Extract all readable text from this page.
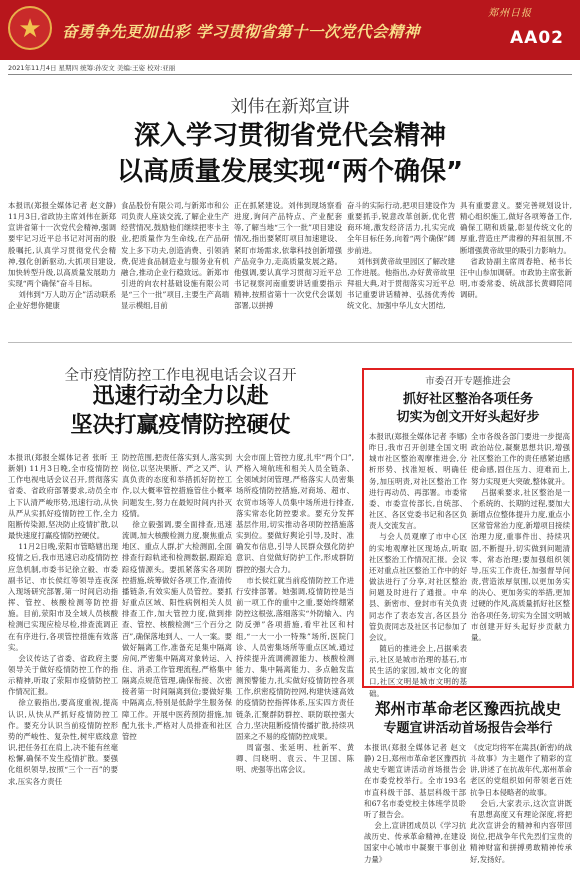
★	奋勇争先更加出彩 学习贯彻省第十一次党代会精神
郑州日报
AA02
2021年11月4日 星期四 统筹:孙安文 美编:王姿 校对:亚丽
刘伟在新郑宣讲
深入学习贯彻省党代会精神
以高质量发展实现“两个确保”

本报讯(郑报全媒体记者 赵文静) 11月3日,省政协主席刘伟在新郑宣讲省第十一次党代会精神,强调要牢记习近平总书记对河南的殷殷嘱托,认真学习贯彻党代会精神,强化创新驱动,大抓项目建设,加快转型升级,以高质量发展助力实现“两个确保”奋斗目标。

刘伟到“万人助万企”活动联系企业好想你健康

食品股份有限公司,与新郑市和公司负责人座谈交流,了解企业生产经营情况,鼓励他们继续把枣卡主业,把质量作为生命线,在产品研发上多下功夫,创造消费、引领消费,促进食品制造业与服务业有机融合,推动企业行稳致远。新郑市引进的向农村基础设施有限公司是“三个一批”项目,主要生产高端显示模组,目前

正在抓紧建设。刘伟到现场察看进度,询问产品特点、产业配套等,了解当地“三个一批”项目建设情况,指出要紧盯项目加速建设、紧盯市场需求,依靠科技创新增强产品竞争力,走高质量发展之路。他强调,要认真学习贯彻习近平总书记视察河南重要讲话重要指示精神,按照省第十一次党代会谋划部署,以拼搏

奋斗的实际行动,把项目建设作为重要抓手,锐意改革创新,优化营商环境,激发经济活力,扎实完成全年目标任务,向着“两个确保”阔步前进。

刘伟到黄帝故里园区了解改建工作进展。他指出,办好黄帝故里拜祖大典,对于贯彻落实习近平总书记重要讲话精神、弘扬优秀传统文化、加强中华儿女大团结,

具有重要意义。要完善规划设计,精心组织施工,做好各项筹备工作,确保工期和质量,彰显传统文化的厚重,营造庄严肃穆的拜祖氛围,不断增强黄帝故里的吸引力影响力。

省政协副主席周春艳、秘书长汪中山参加调研。市政协主席张新明,市委常委、统战部长黄卿陪同调研。

全市疫情防控工作电视电话会议召开
迅速行动全力以赴
坚决打赢疫情防控硬仗

本报讯(郑报全媒体记者 张昕 王新娟) 11月3日晚,全市疫情防控工作电视电话会议召开,贯彻落实省委、省政府部署要求,动员全市上下认清严峻形势,迅速行动,从快从严从实抓好疫情防控工作,全力阻断传染源,坚决防止疫情扩散,以最快速度打赢疫情防控硬仗。

11月2日晚,荥阳市管略辖出现疫情之后,我市迅速启动疫情防控应急机制,市委书记徐立毅、市委副书记、市长侯红等领导连夜深入现场研究部署,第一时间启动指挥、管控、核酸检测等防控措施。目前,荥阳市及全域人员核酸检测已实现应检尽检,排查流调正在有序进行,各项管控措施有效落实。

会议传达了省委、省政府主要领导关于做好疫情防控工作的指示精神,听取了荥阳市疫情防控工作情况汇报。

徐立毅指出,要高度重视,提高认识,从快从严抓好疫情防控工作。要充分认识当前疫情防控形势的严峻性、复杂性,树牢底线意识,把任务扛在肩上,决不能有丝毫松懈,确保不发生疫情扩散。要强化组织领导,按照“三个一百”的要求,压实各方责任

防控范围,把责任落实到人,落实到岗位,以坚决果断、严之又严、认真负责的态度和举措抓好防控工作,以大概率管控措施管住小概率问题发生,努力在最短时间内扑灭疫情。

徐立毅强调,要全面排查,迅速流调,加大核酸检测力度,聚焦重点地区、重点人群,扩大检测面,全面排查行踪轨迹和检测数据,跟踪追踪疫情源头。要抓紧落实各项防控措施,统筹做好各项工作,查清传播链条,有效实施人员管控。要抓好重点区域、阳性病例相关人员排查工作,加大管控力度,做到排查、管控、核酸检测“三个百分之百”,确保落地到人、一人一案。要做好隔离工作,准备充足集中隔离房间,严密集中隔离对象转运、入住、消杀工作管理流程,严格集中隔离点规范管理,确保衔接、次密接者第一时间隔离到位;要做好集中隔离点,特别是低龄学生服务保障工作。开展中医药预防措施,加配九张卡,严格对人员排查和社区管控

大会市面上管控力度,扎牢“两个口”,严格入境航班和相关人员全链条、全领域封闭管理,严格落实人员密集场所疫情防控措施,对商场、超市、农贸市场等人员集中场所进行排查,落实常态化防控要求。要充分发挥基层作用,切实推动各项防控措施落实到位。要做好舆论引导,及时、准确发布信息,引导人民群众强化防护意识、自觉做好防护工作,形成群防群控的强大合力。

市长侯红就当前疫情防控工作进行安排部署。她强调,疫情防控是当前一项工作的重中之重,要始终绷紧防控这根弦,落细落实“外防输入、内防反弹”各项措施,看牢社区和村组,“一大一小一特殊”场所,医院门诊、人员密集场所等重点区域,通过持续提升流调溯源能力、核酸检测能力、集中隔离能力、多点触发监测预警能力,扎实做好疫情防控各项工作,织密疫情防控网,构建快速高效的疫情防控指挥体系,压实四方责任链条,汇聚群防群控、联防联控强大合力,坚决阻断疫情传播扩散,持续巩固来之不易的疫情防控成果。

周富强、张延明、杜新军、黄卿、闫晓明、袁云、牛卫国、陈明、虎强等出席会议。

市委召开专题推进会
抓好社区整治各项任务
切实为创文开好头起好步

本报讯(郑报全媒体记者 李娜) 昨日,我市召开创建全国文明城市社区整治观摩推进会,分析形势、找准短板、明确任务,加压明责,对社区整治工作进行再动员、再部署。市委常委、市委宣传部长,自统部、社区、各区党委书记和各区负责人交流发言。

与会人员观摩了市中心区的实地观摩社区现场点,听取社区整治工作情况汇报。会议还对重点社区整治工作中的好做法进行了分享,对社区整治问题及时进行了通报。中牟县、新密市、登封市有关负责同志作了表态发言,各区县分管负责同志及社区书记参加了会议。

随后的推进会上,吕据乘表示,社区是城市治理的基石,市民生活的家园,城市文化的窗口,社区文明是城市文明的基础。

全市各级各部门要进一步提高政治站位,凝聚思想共识,增强社区整治工作的责任感紧迫感使命感,固住压力、迎难而上,努力实现更大突破,整体就升。

吕据乘要求,社区整治是一个系统的、长期的过程,要加大新增点位整体提升力度,重点小区常管常治力度,新增项目接续治理力度,重事件出、持续巩固,不断提升,切实做到问题清零、常态治理;要加强组织领导,压实工作责任,加强督导问责,营造浓厚氛围,以更加务实的决心、更加务实的举措,更加过硬的作风,高质量抓好社区整治各项任务,切实为全国文明城市创建开好头起好步贡献力量。

郑州市革命老区豫西抗战史
专题宣讲活动首场报告会举行

本报讯(郑报全媒体记者 赵文静) 2日,郑州市革命老区豫西抗战史专题宣讲活动首场报告会在市委党校举行。全市193名市直科级干部、基层科级干部和67名市委党校主体班学员聆听了报告会。

会上,宣讲团成员以《学习抗战历史、传承革命精神,在建设国家中心城市中凝聚干事创业力量》

《皮定均将军在嵩县(新密)的战斗故事》为主题作了精彩的宣讲,讲述了在抗战年代,郑州革命老区的党组织如何带领老百姓抗争日本侵略者的故事。

会后,大家表示,这次宣讲既有思想高度又有理论深度,将把此次宣讲会的精神和内容带回岗位,把战争年代先烈们宝贵的精神财富和拼搏勇敢精神传承好,发扬好。
